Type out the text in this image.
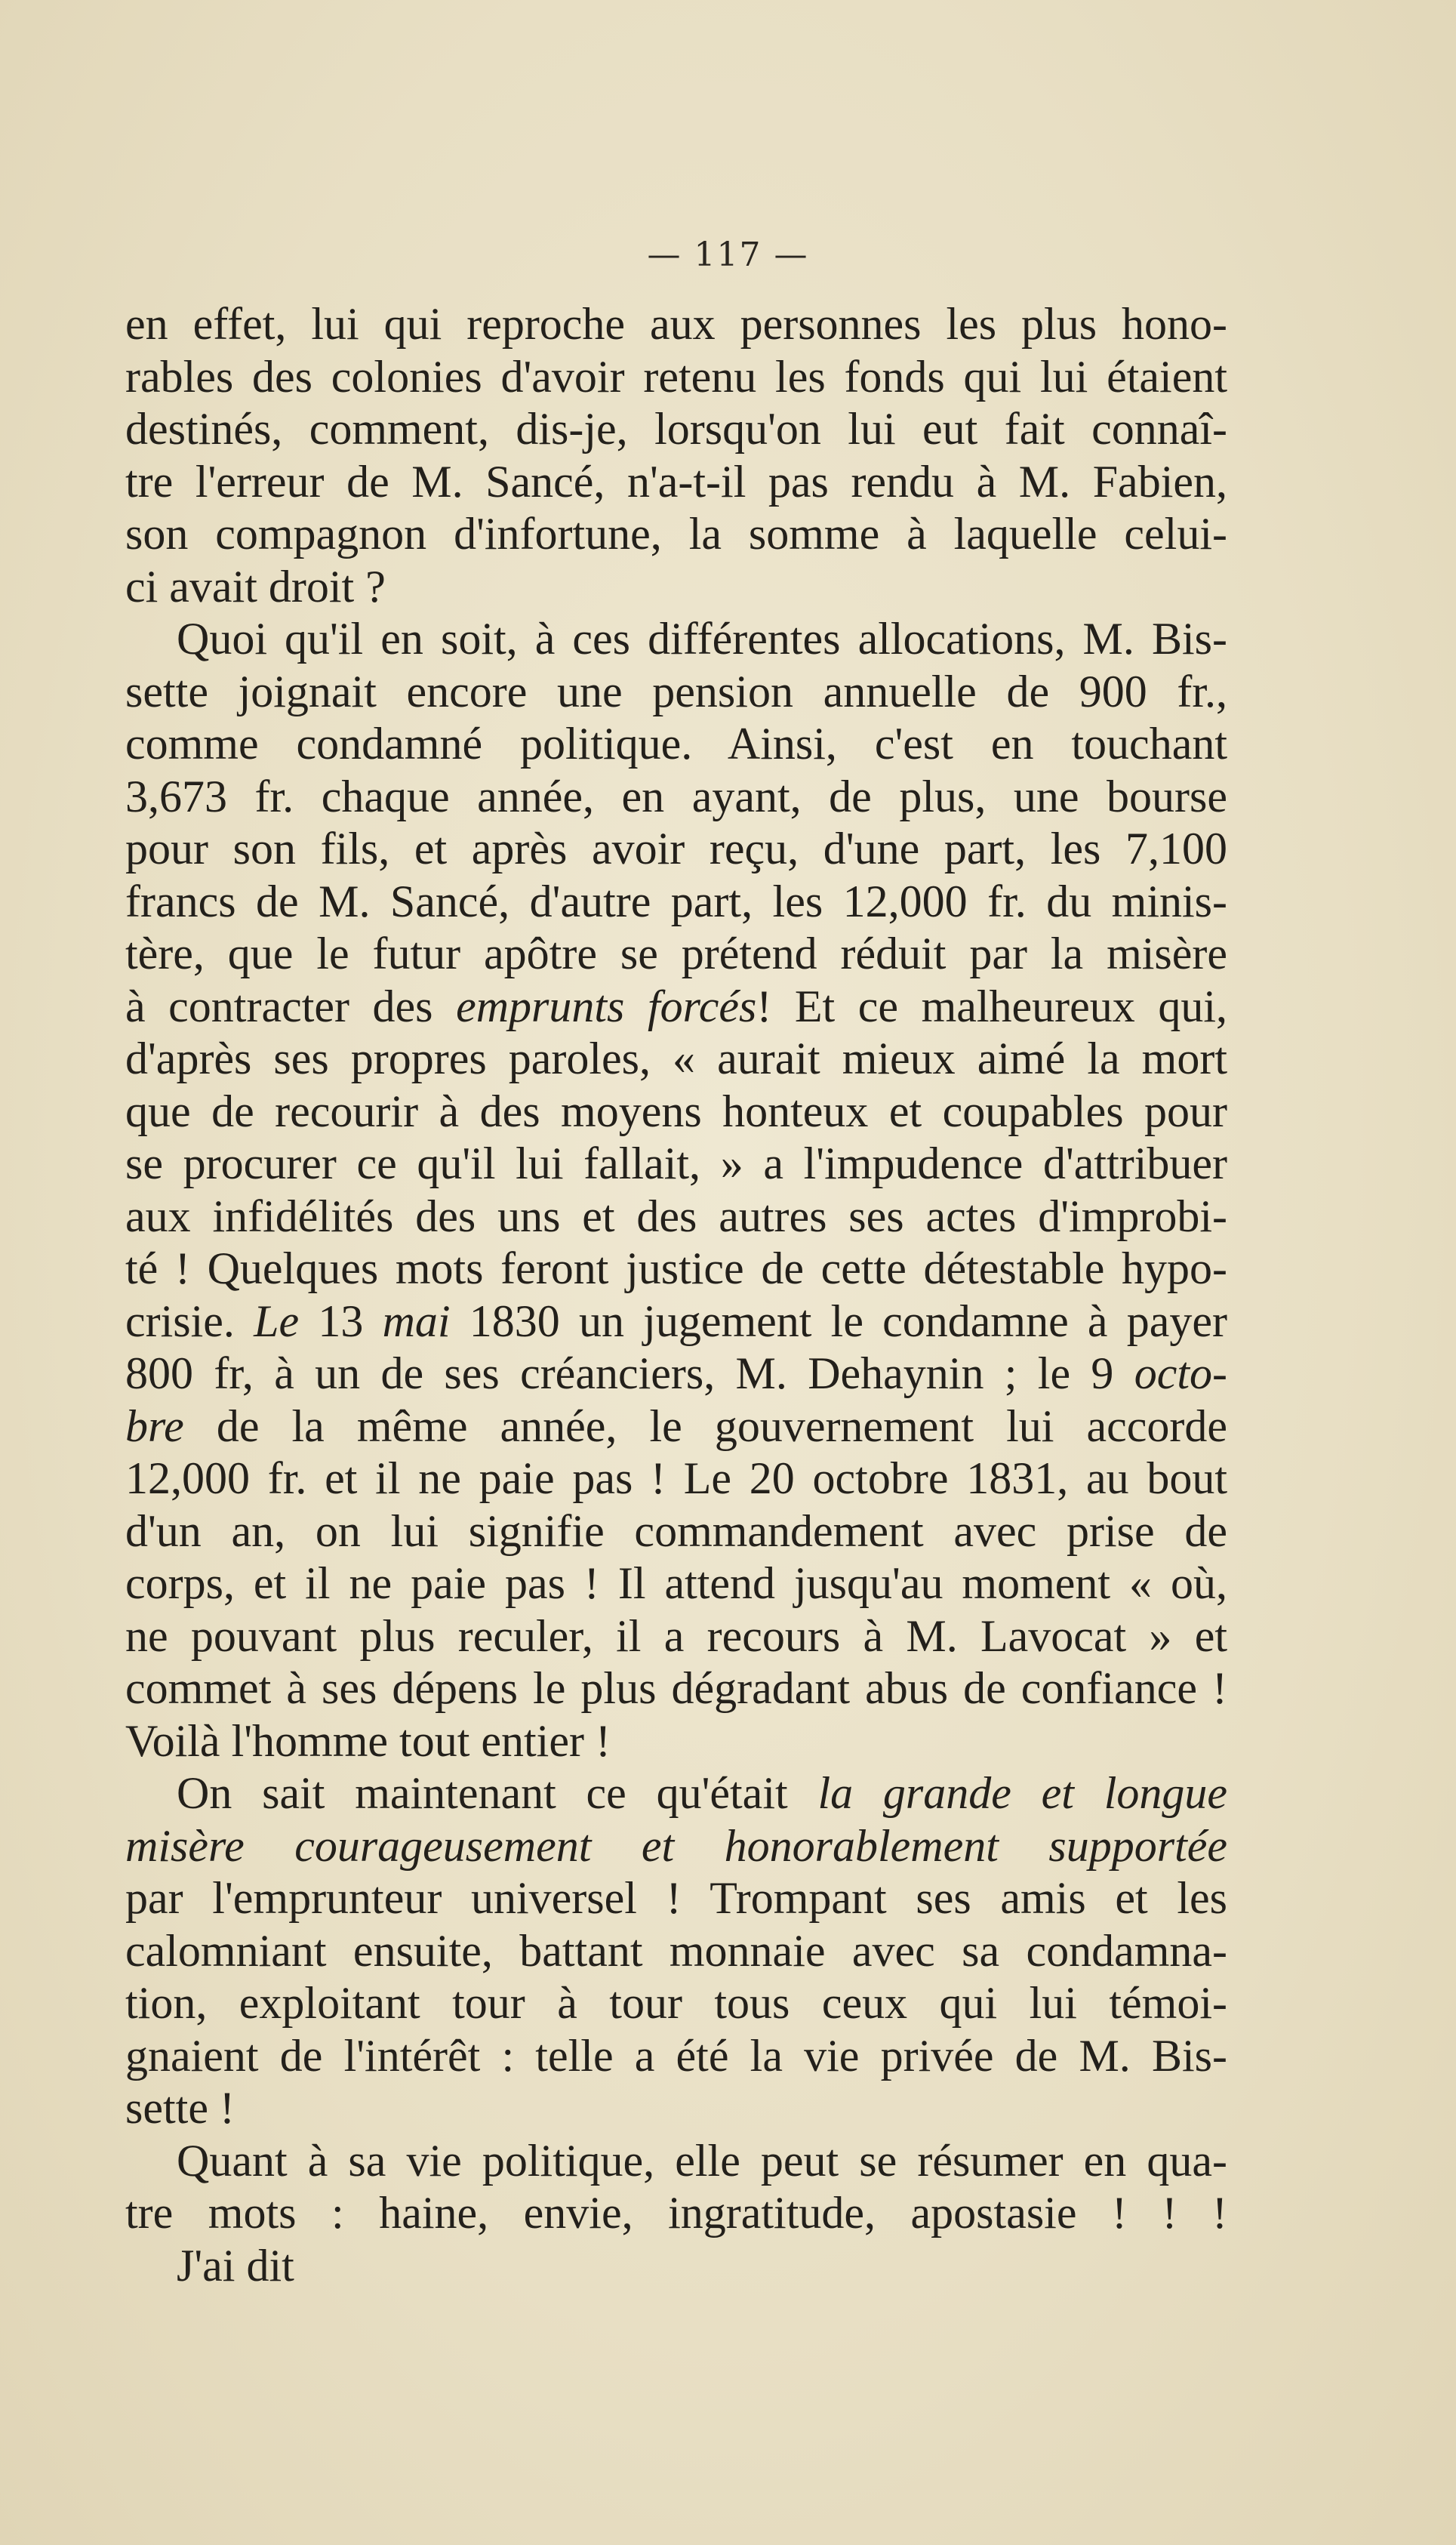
— 117 —
en effet, lui qui reproche aux personnes les plus hono-
rables des colonies d'avoir retenu les fonds qui lui étaient
destinés, comment, dis-je, lorsqu'on lui eut fait connaî-
tre l'erreur de M. Sancé, n'a-t-il pas rendu à M. Fabien,
son compagnon d'infortune, la somme à laquelle celui-
ci avait droit ?
Quoi qu'il en soit, à ces différentes allocations, M. Bis-
sette joignait encore une pension annuelle de 900 fr.,
comme condamné politique. Ainsi, c'est en touchant
3,673 fr. chaque année, en ayant, de plus, une bourse
pour son fils, et après avoir reçu, d'une part, les 7,100
francs de M. Sancé, d'autre part, les 12,000 fr. du minis-
tère, que le futur apôtre se prétend réduit par la misère
à contracter des emprunts forcés! Et ce malheureux qui,
d'après ses propres paroles, « aurait mieux aimé la mort
que de recourir à des moyens honteux et coupables pour
se procurer ce qu'il lui fallait, » a l'impudence d'attribuer
aux infidélités des uns et des autres ses actes d'improbi-
té ! Quelques mots feront justice de cette détestable hypo-
crisie. Le 13 mai 1830 un jugement le condamne à payer
800 fr, à un de ses créanciers, M. Dehaynin ; le 9 octo-
bre de la même année, le gouvernement lui accorde
12,000 fr. et il ne paie pas ! Le 20 octobre 1831, au bout
d'un an, on lui signifie commandement avec prise de
corps, et il ne paie pas ! Il attend jusqu'au moment « où,
ne pouvant plus reculer, il a recours à M. Lavocat » et
commet à ses dépens le plus dégradant abus de confiance !
Voilà l'homme tout entier !
On sait maintenant ce qu'était la grande et longue
misère courageusement et honorablement supportée
par l'emprunteur universel ! Trompant ses amis et les
calomniant ensuite, battant monnaie avec sa condamna-
tion, exploitant tour à tour tous ceux qui lui témoi-
gnaient de l'intérêt : telle a été la vie privée de M. Bis-
sette !
Quant à sa vie politique, elle peut se résumer en qua-
tre mots : haine, envie, ingratitude, apostasie ! ! !
J'ai dit
